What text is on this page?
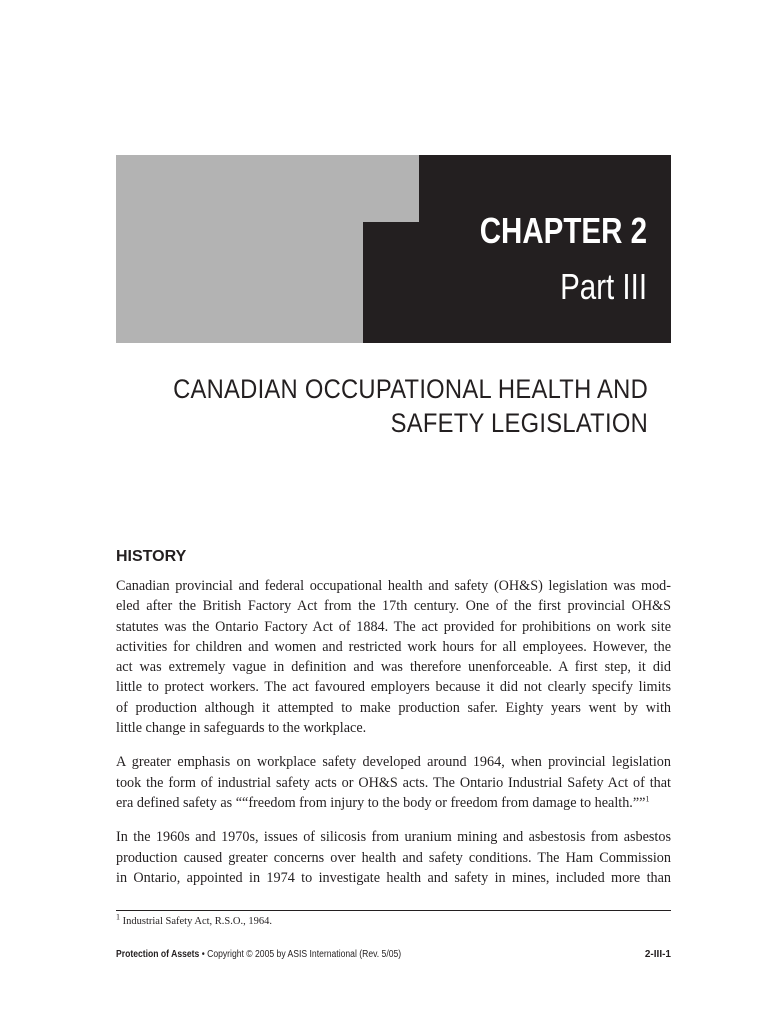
CHAPTER 2
Part III
CANADIAN OCCUPATIONAL HEALTH AND
SAFETY LEGISLATION
HISTORY

Canadian provincial and federal occupational health and safety (OH&S) legislation was mod-
eled after the British Factory Act from the 17th century. One of the first provincial OH&S
statutes was the Ontario Factory Act of 1884. The act provided for prohibitions on work site
activities for children and women and restricted work hours for all employees. However, the
act was extremely vague in definition and was therefore unenforceable. A first step, it did
little to protect workers. The act favoured employers because it did not clearly specify limits
of production although it attempted to make production safer. Eighty years went by with
little change in safeguards to the workplace.

A greater emphasis on workplace safety developed around 1964, when provincial legislation
took the form of industrial safety acts or OH&S acts. The Ontario Industrial Safety Act of that
era defined safety as ““freedom from injury to the body or freedom from damage to health.””$^1$

In the 1960s and 1970s, issues of silicosis from uranium mining and asbestosis from asbestos
production caused greater concerns over health and safety conditions. The Ham Commission
in Ontario, appointed in 1974 to investigate health and safety in mines, included more than

$^1$ Industrial Safety Act, R.S.O., 1964.
Protection of Assets • Copyright © 2005 by ASIS International (Rev. 5/05)	2-III-1
